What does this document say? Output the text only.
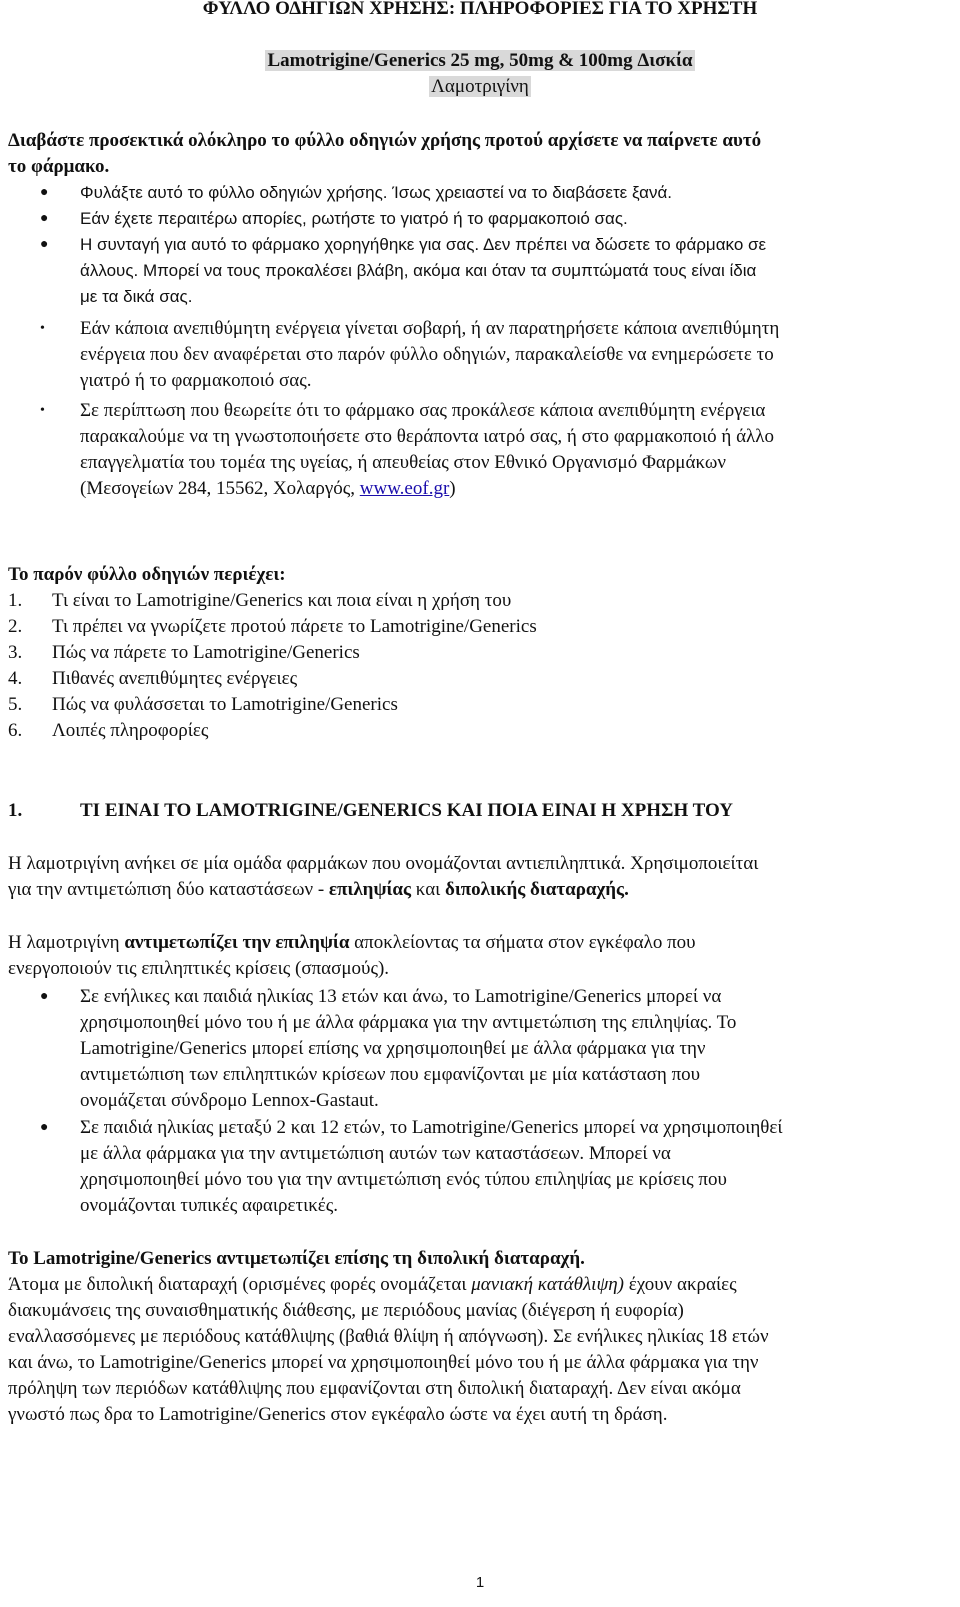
ΦΥΛΛΟ ΟΔΗΓΙΩΝ ΧΡΗΣΗΣ: ΠΛΗΡΟΦΟΡΙΕΣ ΓΙΑ ΤΟ ΧΡΗΣΤΗ
Lamotrigine/Generics 25 mg, 50mg & 100mg Δισκία
Λαμοτριγίνη
Διαβάστε προσεκτικά ολόκληρο το φύλλο οδηγιών χρήσης προτού αρχίσετε να παίρνετε αυτό
το φάρμακο.
● Φυλάξτε αυτό το φύλλο οδηγιών χρήσης. Ίσως χρειαστεί να το διαβάσετε ξανά.
● Εάν έχετε περαιτέρω απορίες, ρωτήστε το γιατρό ή το φαρμακοποιό σας.
● Η συνταγή για αυτό το φάρμακο χορηγήθηκε για σας. Δεν πρέπει να δώσετε το φάρμακο σε
άλλους. Μπορεί να τους προκαλέσει βλάβη, ακόμα και όταν τα συμπτώματά τους είναι ίδια
με τα δικά σας.
• Εάν κάποια ανεπιθύμητη ενέργεια γίνεται σοβαρή, ή αν παρατηρήσετε κάποια ανεπιθύμητη
ενέργεια που δεν αναφέρεται στο παρόν φύλλο οδηγιών, παρακαλείσθε να ενημερώσετε το
γιατρό ή το φαρμακοποιό σας.
• Σε περίπτωση που θεωρείτε ότι το φάρμακο σας προκάλεσε κάποια ανεπιθύμητη ενέργεια
παρακαλούμε να τη γνωστοποιήσετε στο θεράποντα ιατρό σας, ή στο φαρμακοποιό ή άλλο
επαγγελματία του τομέα της υγείας, ή απευθείας στον Εθνικό Οργανισμό Φαρμάκων
(Μεσογείων 284, 15562, Χολαργός, www.eof.gr)
Το παρόν φύλλο οδηγιών περιέχει:
1. Τι είναι το Lamotrigine/Generics και ποια είναι η χρήση του
2. Τι πρέπει να γνωρίζετε προτού πάρετε το Lamotrigine/Generics
3. Πώς να πάρετε το Lamotrigine/Generics
4. Πιθανές ανεπιθύμητες ενέργειες
5. Πώς να φυλάσσεται το Lamotrigine/Generics
6. Λοιπές πληροφορίες
1.	ΤΙ ΕΙΝΑΙ ΤΟ LAMOTRIGINE/GENERICS ΚΑΙ ΠΟΙΑ ΕΙΝΑΙ Η ΧΡΗΣΗ ΤΟΥ
Η λαμοτριγίνη ανήκει σε μία ομάδα φαρμάκων που ονομάζονται αντιεπιληπτικά. Χρησιμοποιείται
για την αντιμετώπιση δύο καταστάσεων - επιληψίας και διπολικής διαταραχής.
Η λαμοτριγίνη αντιμετωπίζει την επιληψία αποκλείοντας τα σήματα στον εγκέφαλο που
ενεργοποιούν τις επιληπτικές κρίσεις (σπασμούς).
● Σε ενήλικες και παιδιά ηλικίας 13 ετών και άνω, το Lamotrigine/Generics μπορεί να
χρησιμοποιηθεί μόνο του ή με άλλα φάρμακα για την αντιμετώπιση της επιληψίας. Το
Lamotrigine/Generics μπορεί επίσης να χρησιμοποιηθεί με άλλα φάρμακα για την
αντιμετώπιση των επιληπτικών κρίσεων που εμφανίζονται με μία κατάσταση που
ονομάζεται σύνδρομο Lennox-Gastaut.
● Σε παιδιά ηλικίας μεταξύ 2 και 12 ετών, το Lamotrigine/Generics μπορεί να χρησιμοποιηθεί
με άλλα φάρμακα για την αντιμετώπιση αυτών των καταστάσεων. Μπορεί να
χρησιμοποιηθεί μόνο του για την αντιμετώπιση ενός τύπου επιληψίας με κρίσεις που
ονομάζονται τυπικές αφαιρετικές.
Το Lamotrigine/Generics αντιμετωπίζει επίσης τη διπολική διαταραχή.
Άτομα με διπολική διαταραχή (ορισμένες φορές ονομάζεται μανιακή κατάθλιψη) έχουν ακραίες
διακυμάνσεις της συναισθηματικής διάθεσης, με περιόδους μανίας (διέγερση ή ευφορία)
εναλλασσόμενες με περιόδους κατάθλιψης (βαθιά θλίψη ή απόγνωση). Σε ενήλικες ηλικίας 18 ετών
και άνω, το Lamotrigine/Generics μπορεί να χρησιμοποιηθεί μόνο του ή με άλλα φάρμακα για την
πρόληψη των περιόδων κατάθλιψης που εμφανίζονται στη διπολική διαταραχή. Δεν είναι ακόμα
γνωστό πως δρα το Lamotrigine/Generics στον εγκέφαλο ώστε να έχει αυτή τη δράση.
1
